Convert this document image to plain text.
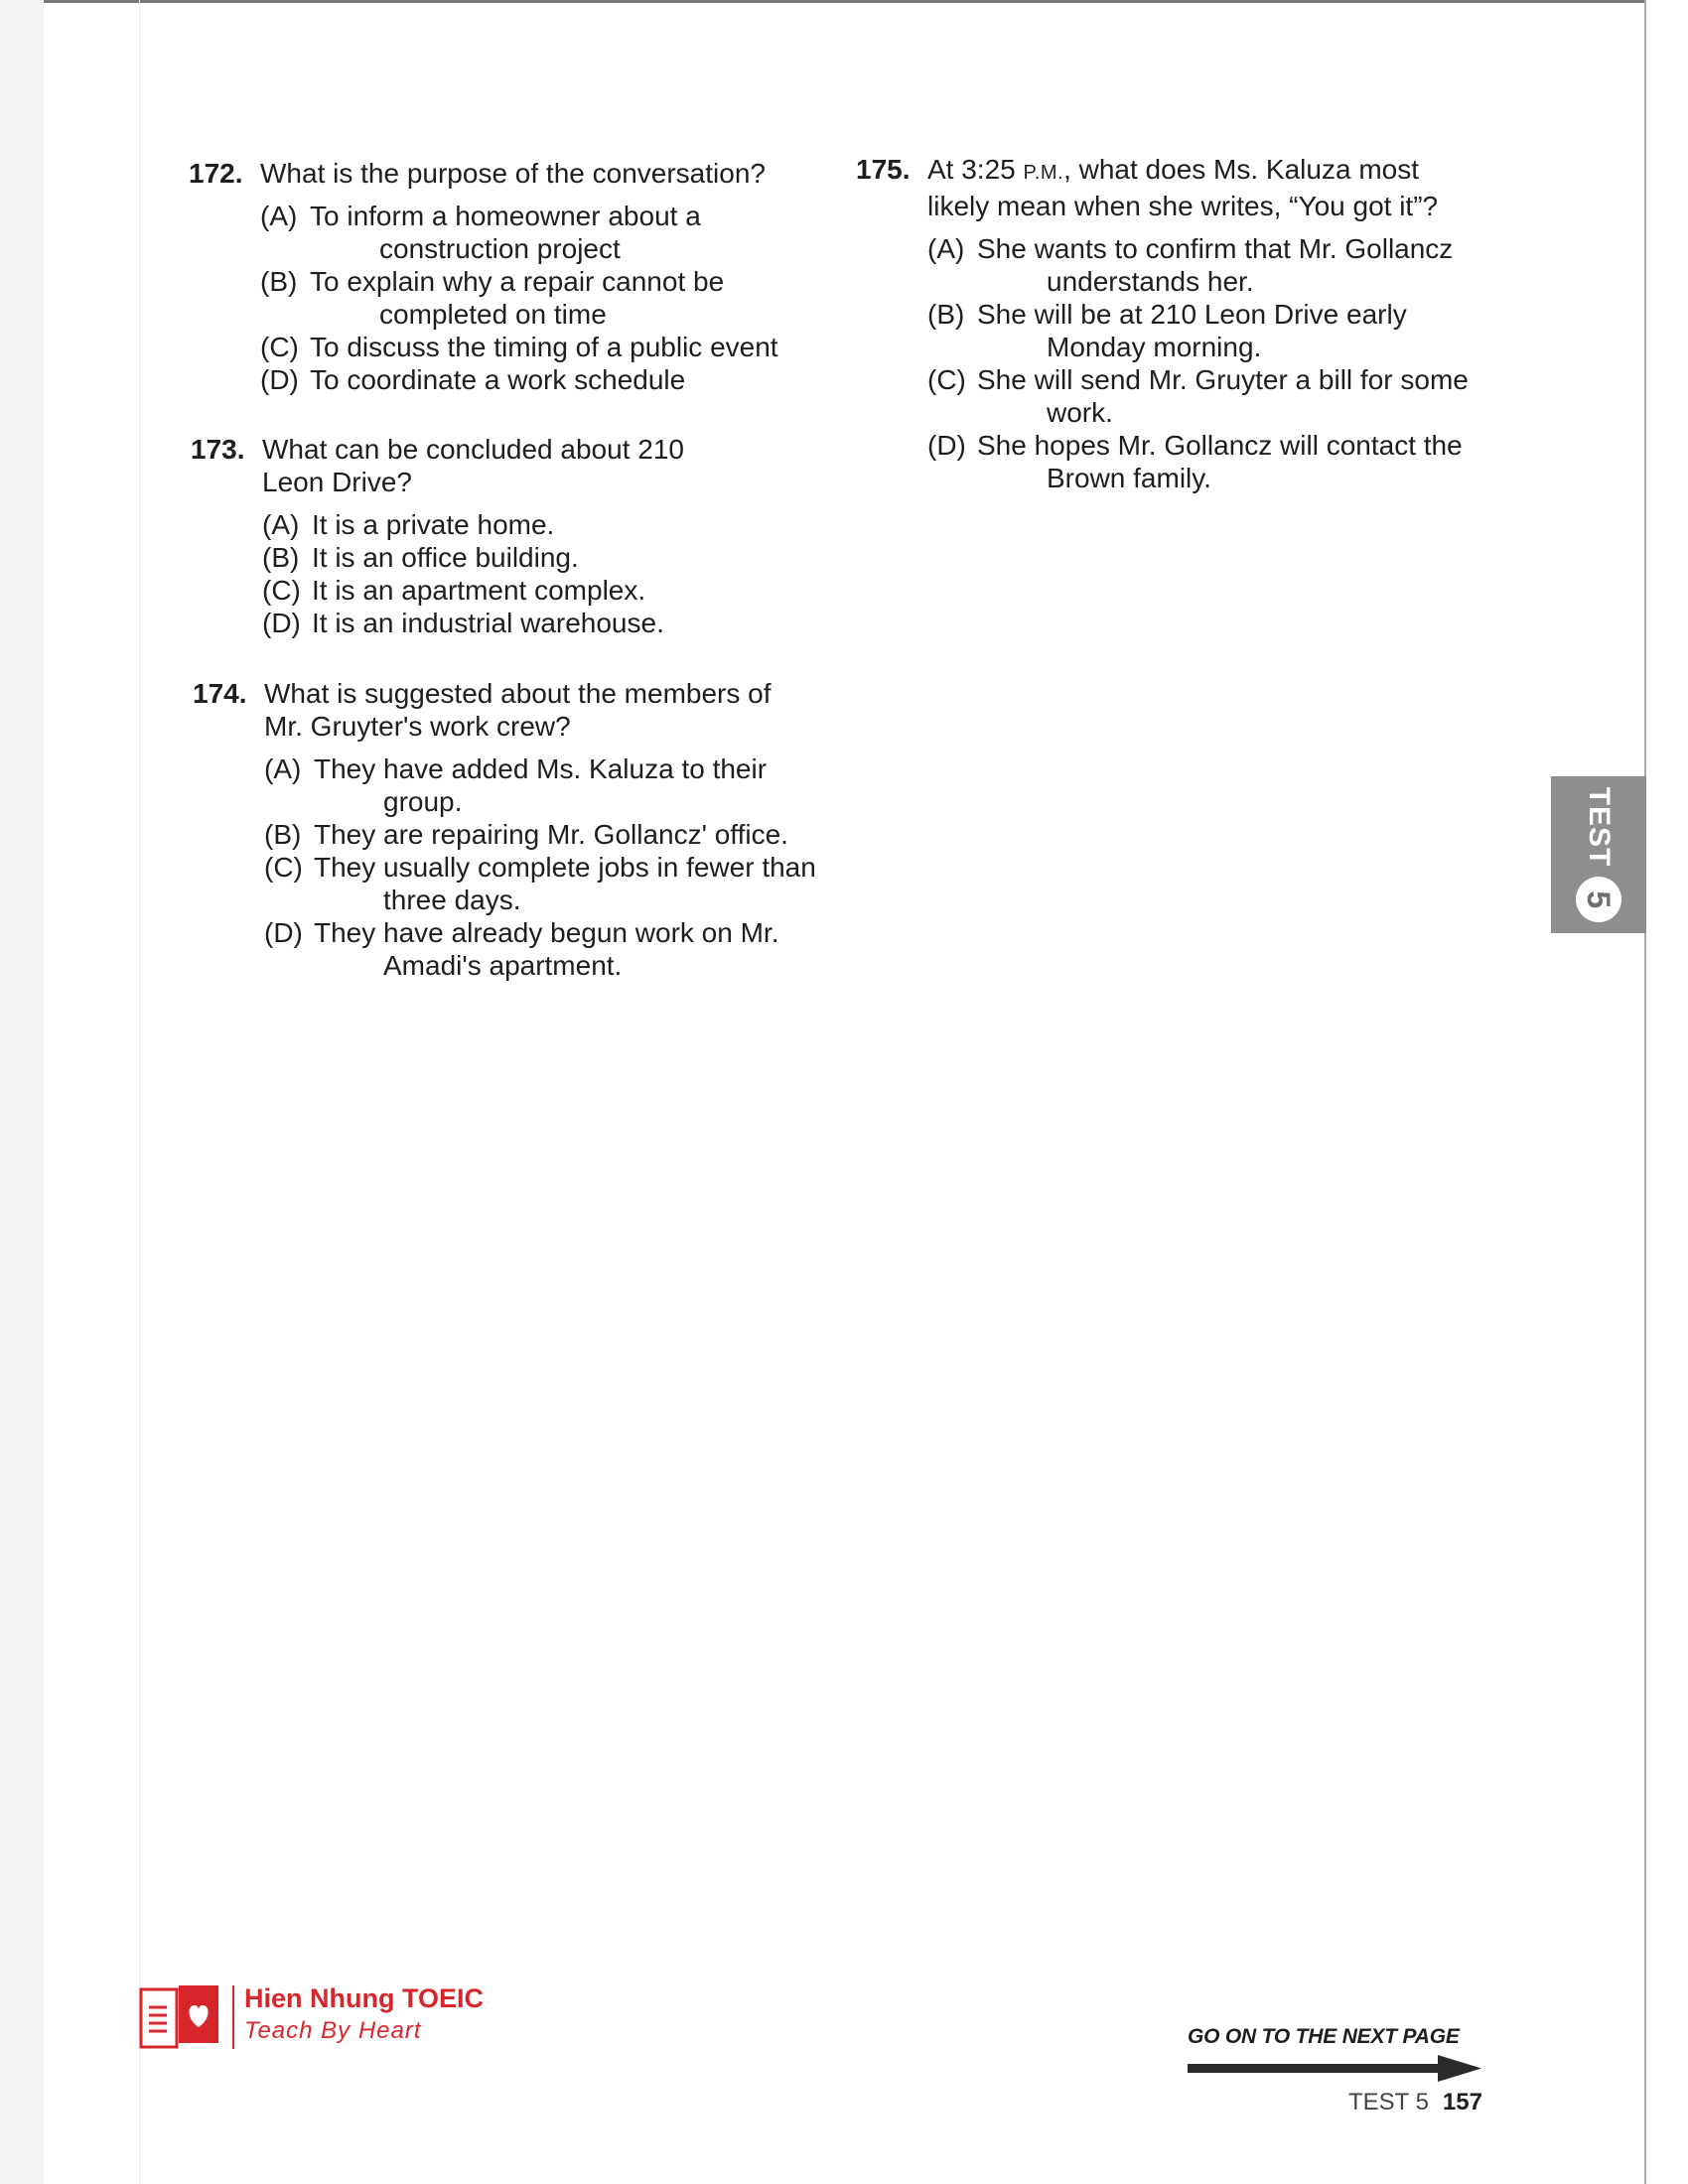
172. What is the purpose of the conversation?
(A) To inform a homeowner about a construction project
(B) To explain why a repair cannot be completed on time
(C) To discuss the timing of a public event
(D) To coordinate a work schedule
173. What can be concluded about 210 Leon Drive?
(A) It is a private home.
(B) It is an office building.
(C) It is an apartment complex.
(D) It is an industrial warehouse.
174. What is suggested about the members of Mr. Gruyter's work crew?
(A) They have added Ms. Kaluza to their group.
(B) They are repairing Mr. Gollancz' office.
(C) They usually complete jobs in fewer than three days.
(D) They have already begun work on Mr. Amadi's apartment.
175. At 3:25 P.M., what does Ms. Kaluza most likely mean when she writes, “You got it”?
(A) She wants to confirm that Mr. Gollancz understands her.
(B) She will be at 210 Leon Drive early Monday morning.
(C) She will send Mr. Gruyter a bill for some work.
(D) She hopes Mr. Gollancz will contact the Brown family.
TEST
5
Hien Nhung TOEIC
Teach By Heart	GO ON TO THE NEXT PAGE
TEST 5 157
